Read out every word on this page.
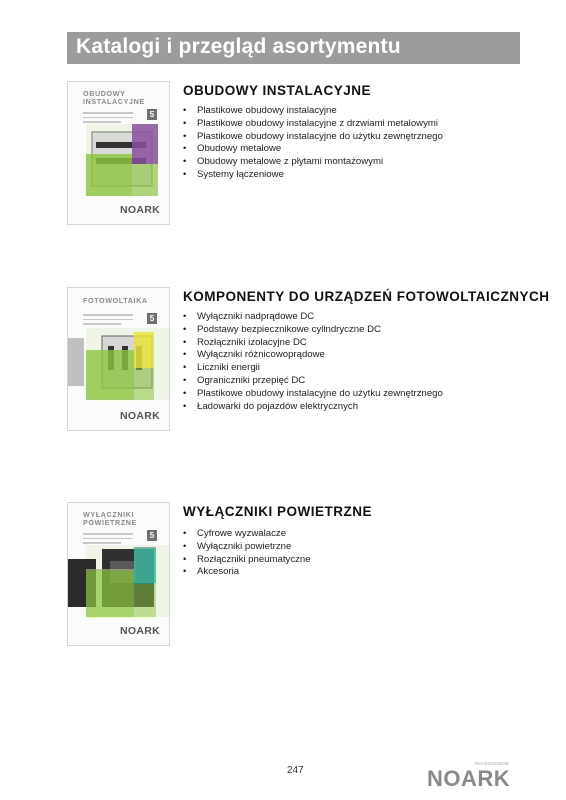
Katalogi i przegląd asortymentu
OBUDOWY INSTALACYJNE
5
NOARK
OBUDOWY INSTALACYJNE
• Plastikowe obudowy instalacyjne
• Plastikowe obudowy instalacyjne z drzwiami metalowymi
• Plastikowe obudowy instalacyjne do użytku zewnętrznego
• Obudowy metalowe
• Obudowy metalowe z płytami montażowymi
• Systemy łączeniowe
FOTOWOLTAIKA
5
NOARK
KOMPONENTY DO URZĄDZEŃ FOTOWOLTAICZNYCH
• Wyłączniki nadprądowe DC
• Podstawy bezpiecznikowe cylindryczne DC
• Rozłączniki izolacyjne DC
• Wyłączniki różnicowoprądowe
• Liczniki energii
• Ograniczniki przepięć DC
• Plastikowe obudowy instalacyjne do użytku zewnętrznego
• Ładowarki do pojazdów elektrycznych
WYŁĄCZNIKI POWIETRZNE
5
NOARK
WYŁĄCZNIKI POWIETRZNE
• Cyfrowe wyzwalacze
• Wyłączniki powietrzne
• Rozłączniki pneumatyczne
• Akcesoria
247
Rev.2022/03/NIB
NOARK
